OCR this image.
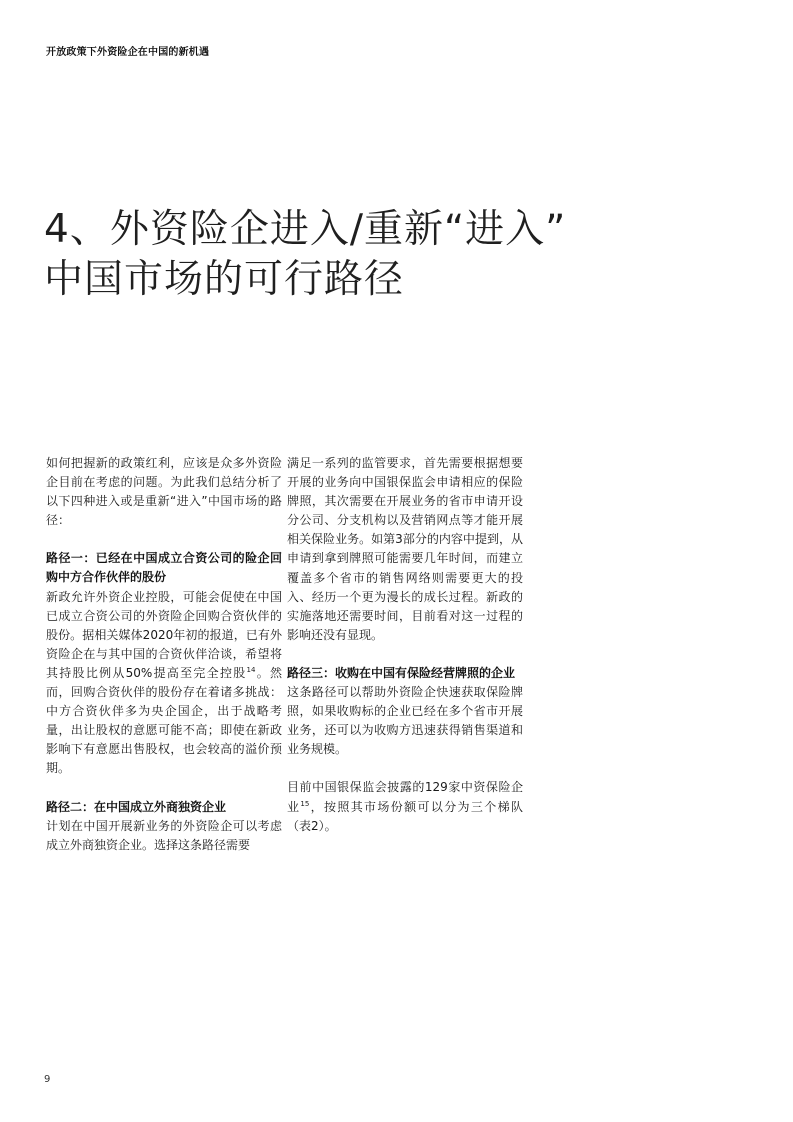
开放政策下外资险企在中国的新机遇
4、外资险企进入/重新“进入”
中国市场的可行路径

如何把握新的政策红利，应该是众多外资险企目前在考虑的问题。为此我们总结分析了以下四种进入或是重新“进入”中国市场的路径：

路径一：已经在中国成立合资公司的险企回购中方合作伙伴的股份

新政允许外资企业控股，可能会促使在中国已成立合资公司的外资险企回购合资伙伴的股份。据相关媒体2020年初的报道，已有外资险企在与其中国的合资伙伴洽谈，希望将其持股比例从50%提高至完全控股$^{14}$。然而，回购合资伙伴的股份存在着诸多挑战：中方合资伙伴多为央企国企，出于战略考量，出让股权的意愿可能不高；即使在新政影响下有意愿出售股权，也会较高的溢价预期。

路径二：在中国成立外商独资企业

计划在中国开展新业务的外资险企可以考虑成立外商独资企业。选择这条路径需要

满足一系列的监管要求，首先需要根据想要开展的业务向中国银保监会申请相应的保险牌照，其次需要在开展业务的省市申请开设分公司、分支机构以及营销网点等才能开展相关保险业务。如第3部分的内容中提到，从申请到拿到牌照可能需要几年时间，而建立覆盖多个省市的销售网络则需要更大的投入、经历一个更为漫长的成长过程。新政的实施落地还需要时间，目前看对这一过程的影响还没有显现。

路径三：收购在中国有保险经营牌照的企业

这条路径可以帮助外资险企快速获取保险牌照，如果收购标的企业已经在多个省市开展业务，还可以为收购方迅速获得销售渠道和业务规模。

目前中国银保监会披露的129家中资保险企业$^{15}$，按照其市场份额可以分为三个梯队（表2）。

9
